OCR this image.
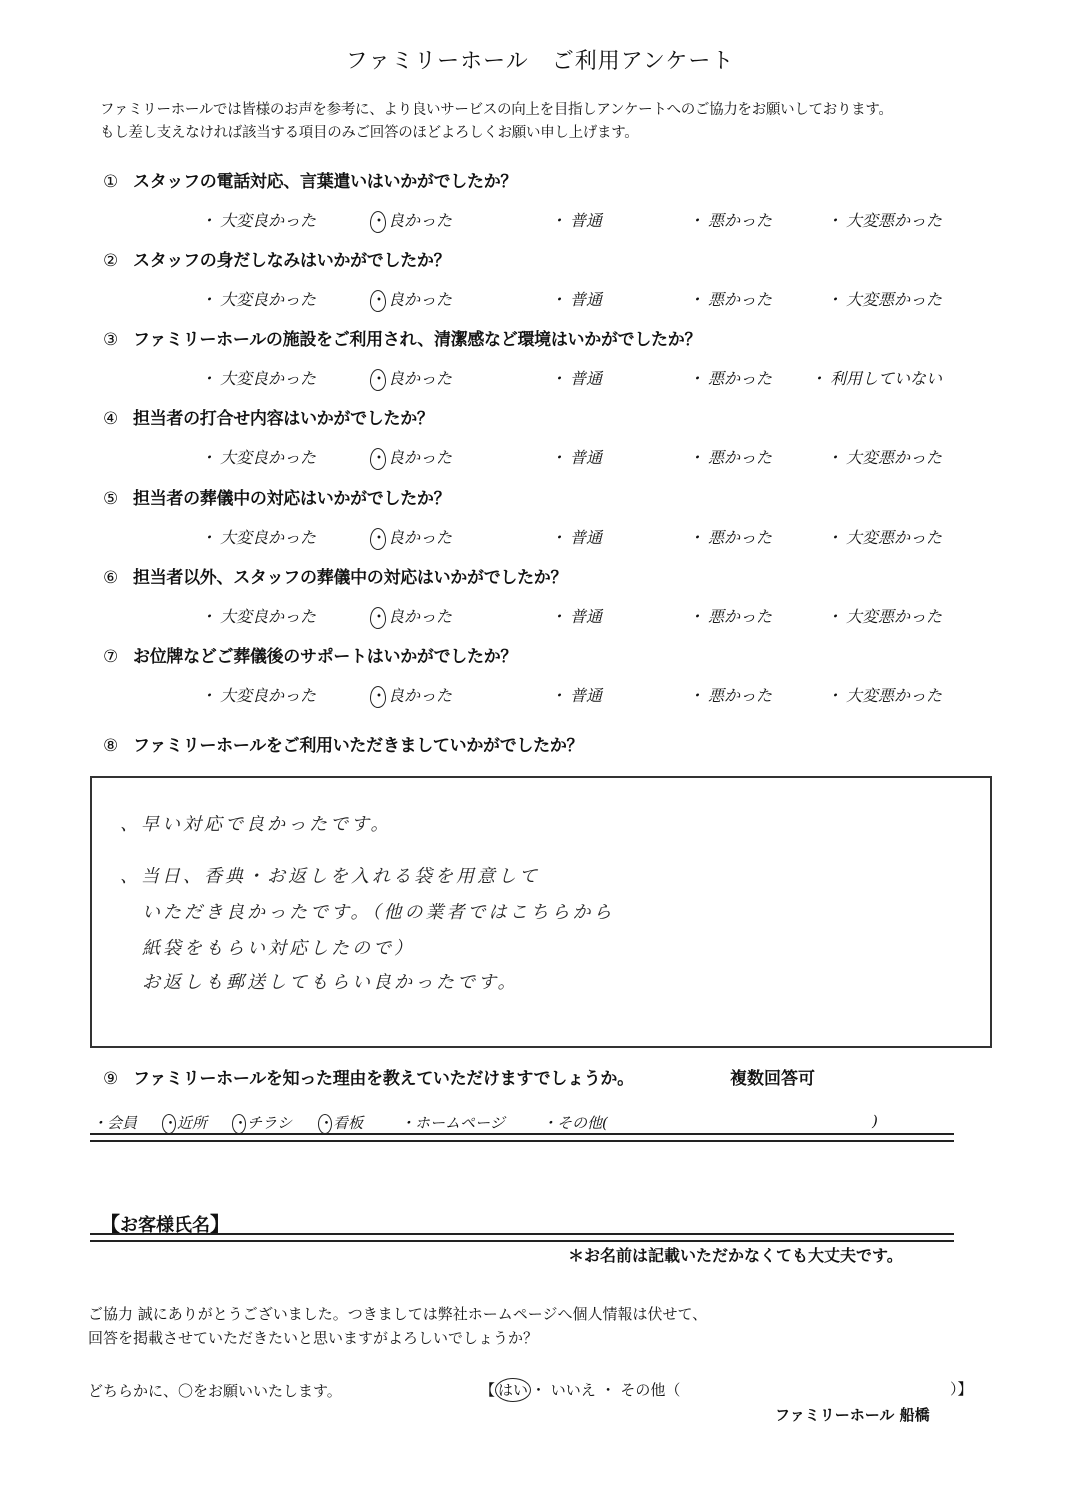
ファミリーホール　ご利用アンケート
ファミリーホールでは皆様のお声を参考に、より良いサービスの向上を目指しアンケートへのご協力をお願いしております。
もし差し支えなければ該当する項目のみご回答のほどよろしくお願い申し上げます。
① スタッフの電話対応、言葉遣いはいかがでしたか？
・ 大変良かった	・良かった	・ 普通	・ 悪かった	・ 大変悪かった
② スタッフの身だしなみはいかがでしたか？
・ 大変良かった	・良かった	・ 普通	・ 悪かった	・ 大変悪かった
③ ファミリーホールの施設をご利用され、清潔感など環境はいかがでしたか？
・ 大変良かった	・良かった	・ 普通	・ 悪かった ・ 利用していない
④ 担当者の打合せ内容はいかがでしたか？
・ 大変良かった	・良かった	・ 普通	・ 悪かった	・ 大変悪かった
⑤ 担当者の葬儀中の対応はいかがでしたか？
・ 大変良かった	・良かった	・ 普通	・ 悪かった	・ 大変悪かった
⑥ 担当者以外、スタッフの葬儀中の対応はいかがでしたか？
・ 大変良かった	・良かった	・ 普通	・ 悪かった	・ 大変悪かった
⑦ お位牌などご葬儀後のサポートはいかがでしたか？
・ 大変良かった	・良かった	・ 普通	・ 悪かった	・ 大変悪かった
⑧ ファミリーホールをご利用いただきましていかがでしたか？
、早い対応で良かったです。
、当日、香典・お返しを入れる袋を用意して
いただき良かったです。（他の業者ではこちらから
紙袋をもらい対応したので）
お返しも郵送してもらい良かったです。
⑨ ファミリーホールを知った理由を教えていただけますでしょうか。	複数回答可
・会員 ・近所 ・チラシ ・看板 ・ホームページ ・その他(	)
【お客様氏名】
＊お名前は記載いただかなくても大丈夫です。
ご協力 誠にありがとうございました。つきましては弊社ホームページへ個人情報は伏せて、
回答を掲載させていただきたいと思いますがよろしいでしょうか？
どちらかに、〇をお願いいたします。	【 はい ・ いいえ ・ その他（	）】
ファミリーホール 船橋
